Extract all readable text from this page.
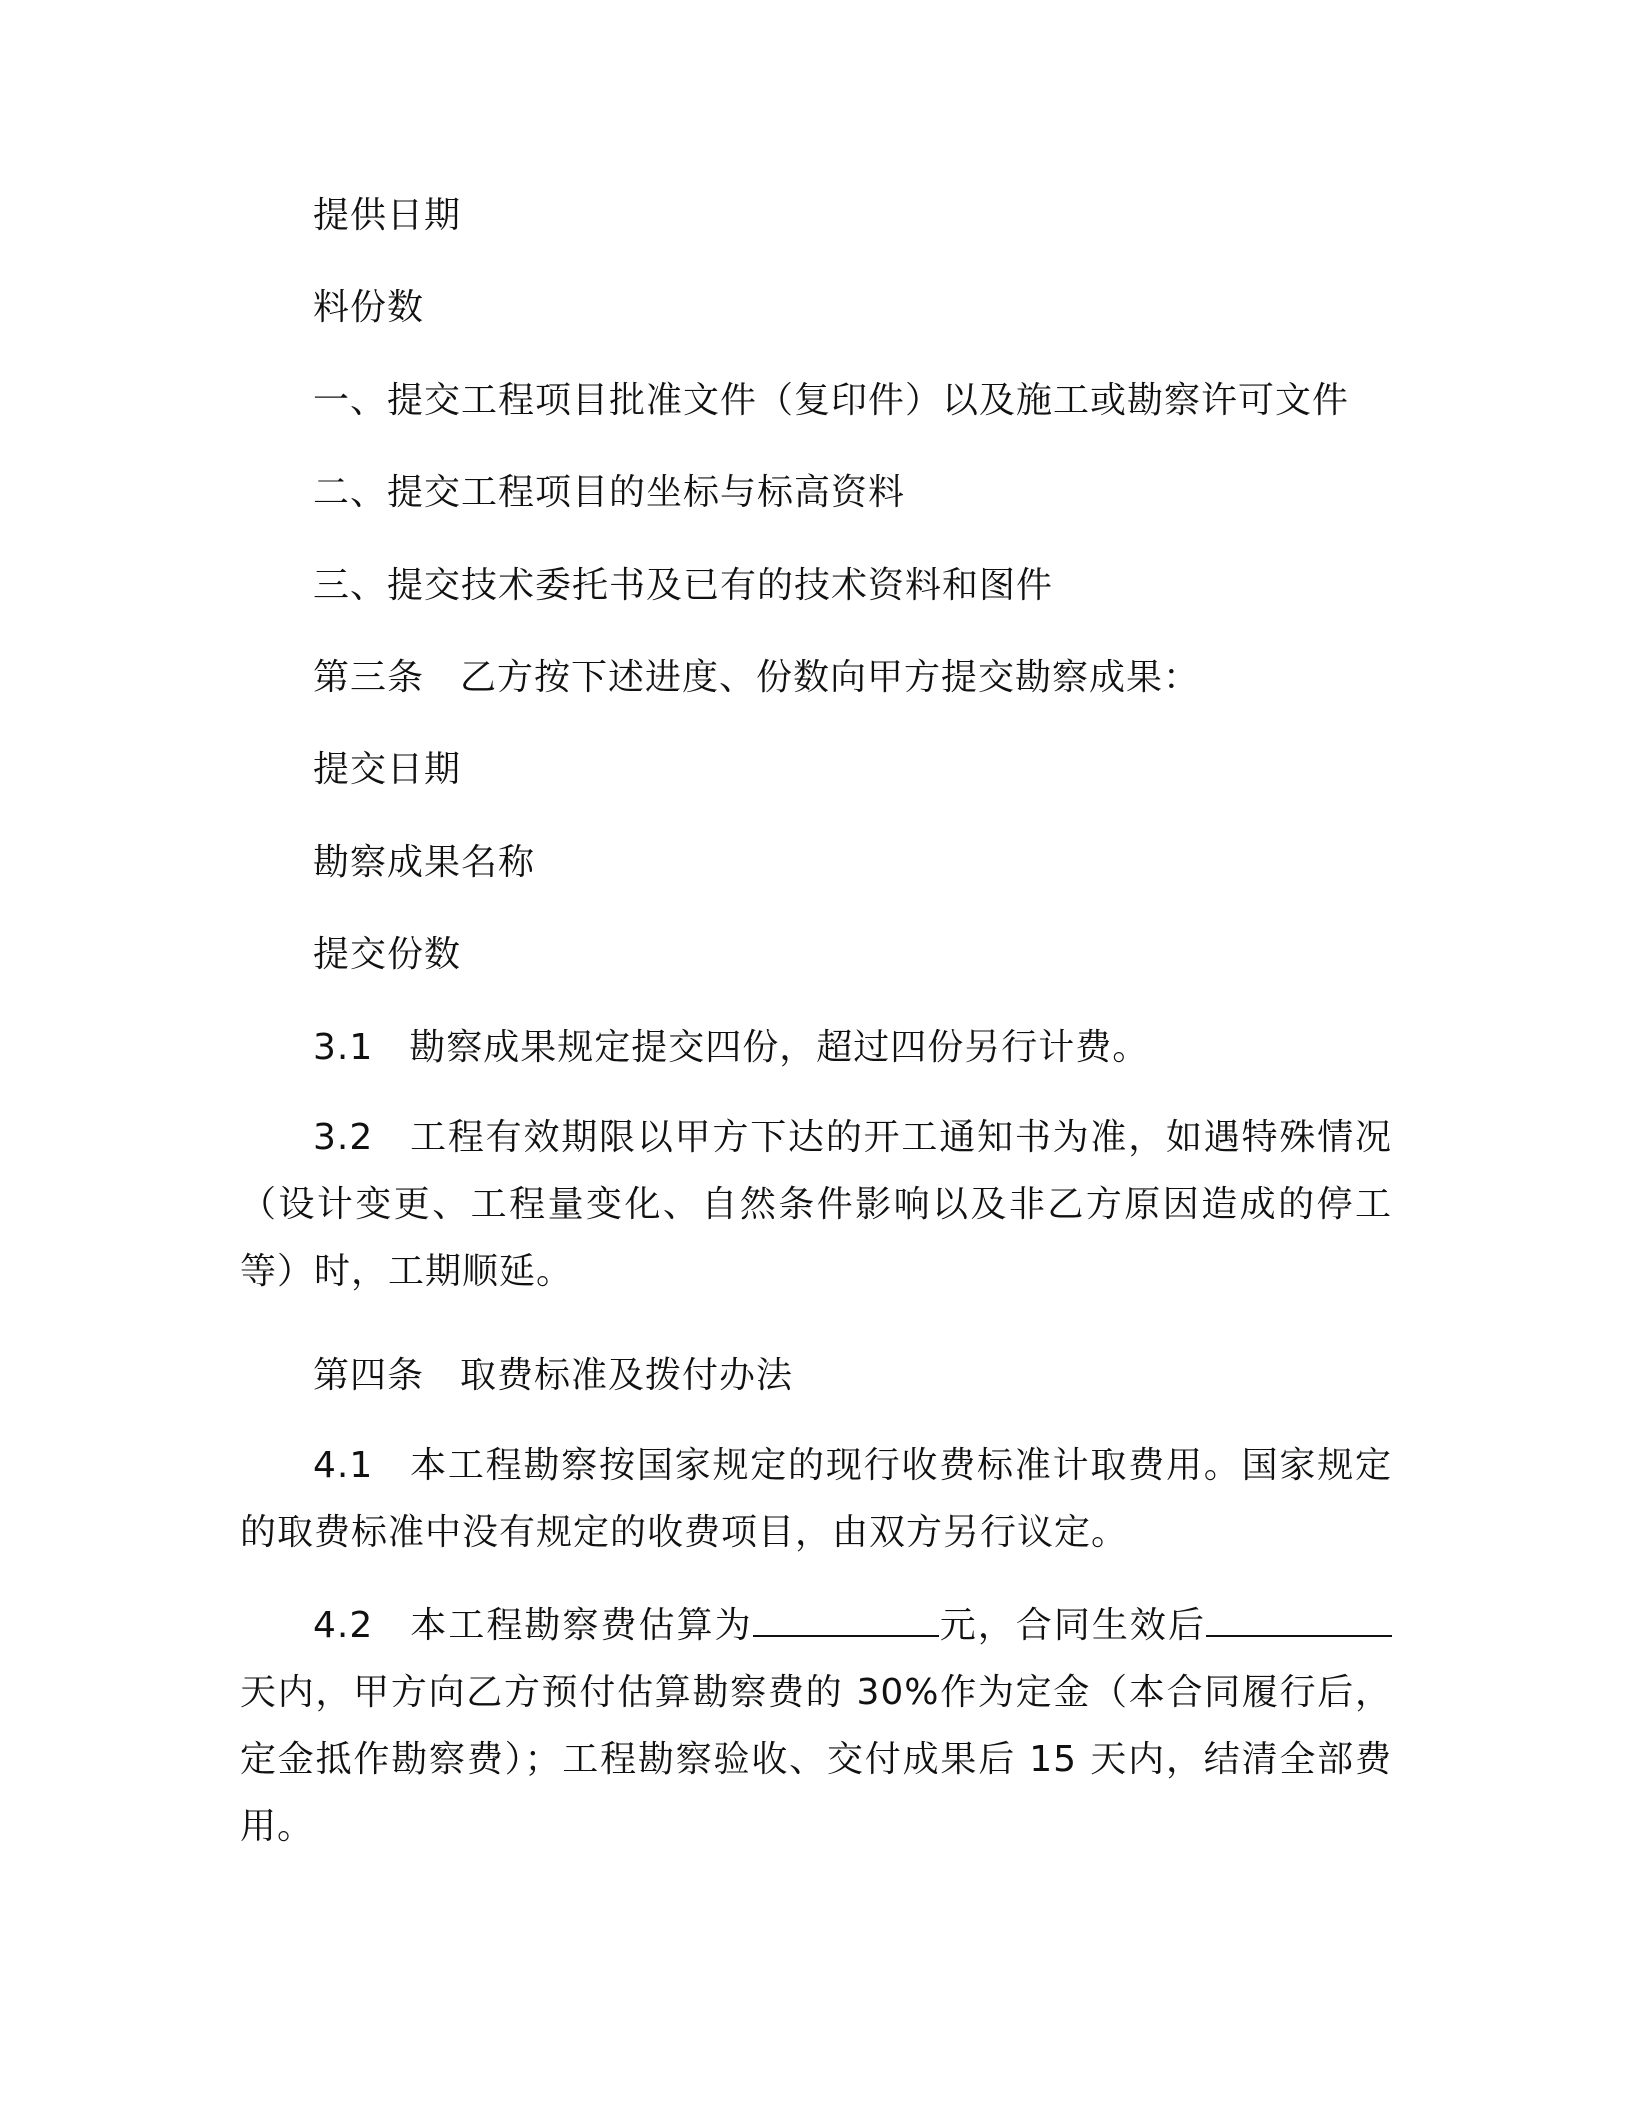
提供日期
料份数
一、提交工程项目批准文件（复印件）以及施工或勘察许可文件
二、提交工程项目的坐标与标高资料
三、提交技术委托书及已有的技术资料和图件
第三条 乙方按下述进度、份数向甲方提交勘察成果：
提交日期
勘察成果名称
提交份数
3.1 勘察成果规定提交四份，超过四份另行计费。
3.2 工程有效期限以甲方下达的开工通知书为准，如遇特殊情况（设计变更、工程量变化、自然条件影响以及非乙方原因造成的停工等）时，工期顺延。
第四条 取费标准及拨付办法
4.1 本工程勘察按国家规定的现行收费标准计取费用。国家规定的取费标准中没有规定的收费项目，由双方另行议定。
4.2 本工程勘察费估算为	元，合同生效后天内，甲方向乙方预付估算勘察费的 30%作为定金（本合同履行后，定金抵作勘察费）；工程勘察验收、交付成果后 15 天内，结清全部费用。
